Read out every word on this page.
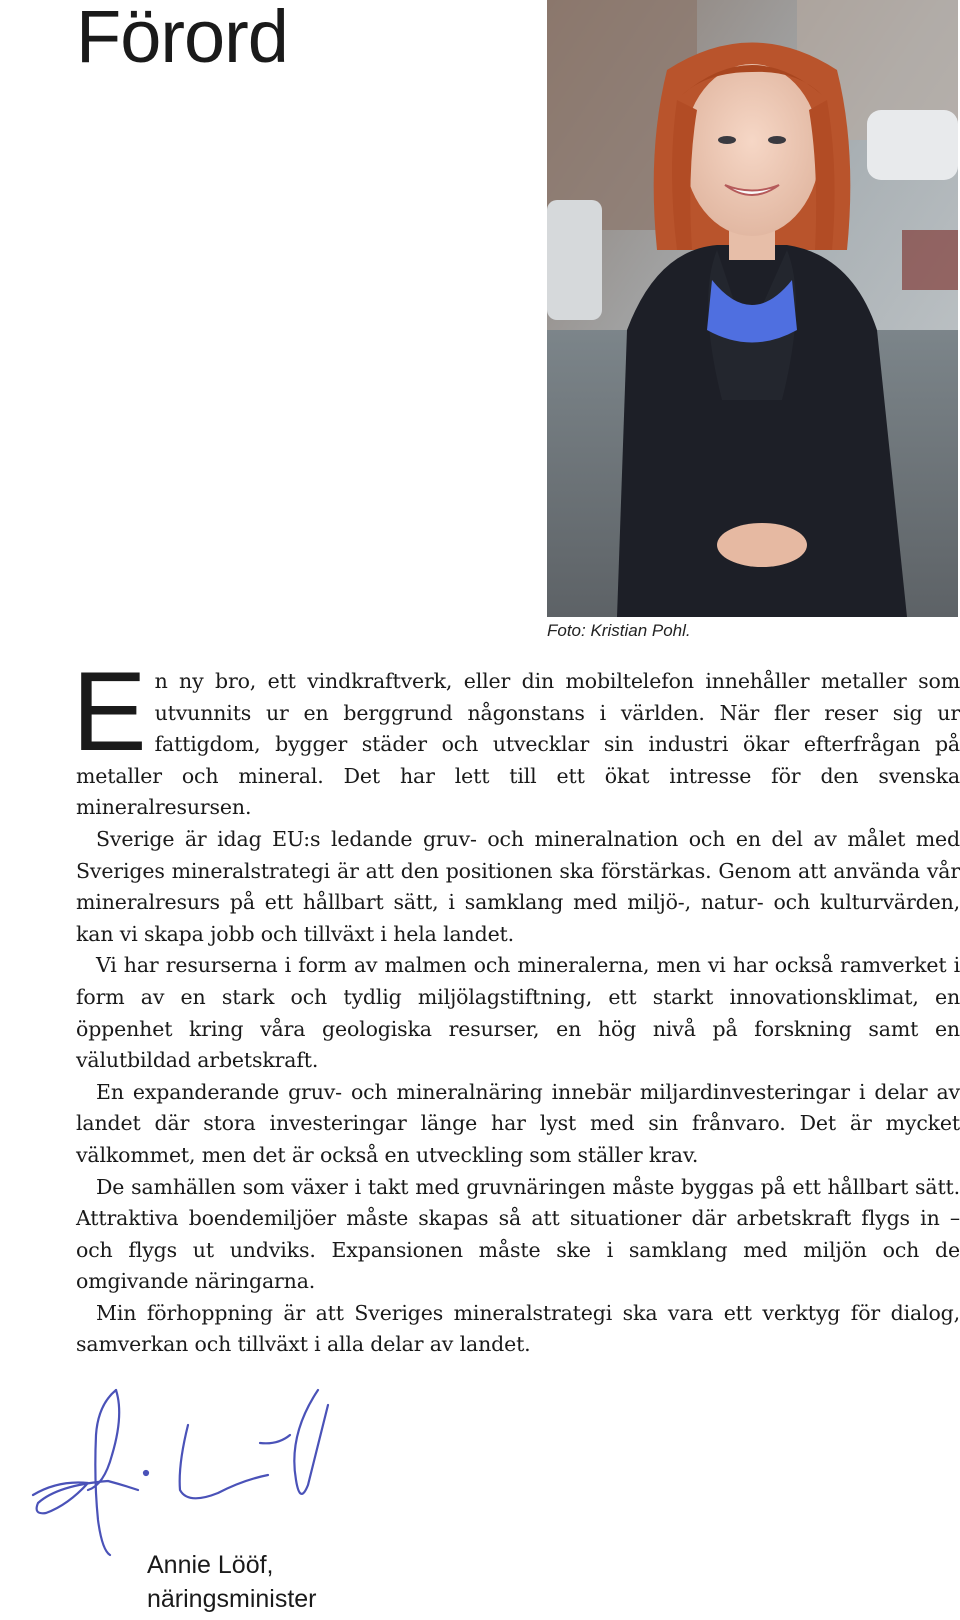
Förord
Foto: Kristian Pohl.

En ny bro, ett vindkraftverk, eller din mobiltelefon innehåller metaller som utvunnits ur en berggrund någonstans i världen. När fler reser sig ur fattigdom, bygger städer och utvecklar sin industri ökar efterfrågan på metaller och mineral. Det har lett till ett ökat intresse för den svenska mineralresursen.

Sverige är idag EU:s ledande gruv- och mineralnation och en del av målet med Sveriges mineralstrategi är att den positionen ska förstärkas. Genom att använda vår mineralresurs på ett hållbart sätt, i samklang med miljö-, natur- och kulturvärden, kan vi skapa jobb och tillväxt i hela landet.

Vi har resurserna i form av malmen och mineralerna, men vi har också ramverket i form av en stark och tydlig miljölagstiftning, ett starkt innovationsklimat, en öppenhet kring våra geologiska resurser, en hög nivå på forskning samt en välutbildad arbetskraft.

En expanderande gruv- och mineralnäring innebär miljardinvesteringar i delar av landet där stora investeringar länge har lyst med sin frånvaro. Det är mycket välkommet, men det är också en utveckling som ställer krav.

De samhällen som växer i takt med gruvnäringen måste byggas på ett hållbart sätt. Attraktiva boendemiljöer måste skapas så att situationer där arbetskraft flygs in – och flygs ut undviks. Expansionen måste ske i samklang med miljön och de omgivande näringarna.

Min förhoppning är att Sveriges mineralstrategi ska vara ett verktyg för dialog, samverkan och tillväxt i alla delar av landet.

Annie Lööf,
näringsminister
